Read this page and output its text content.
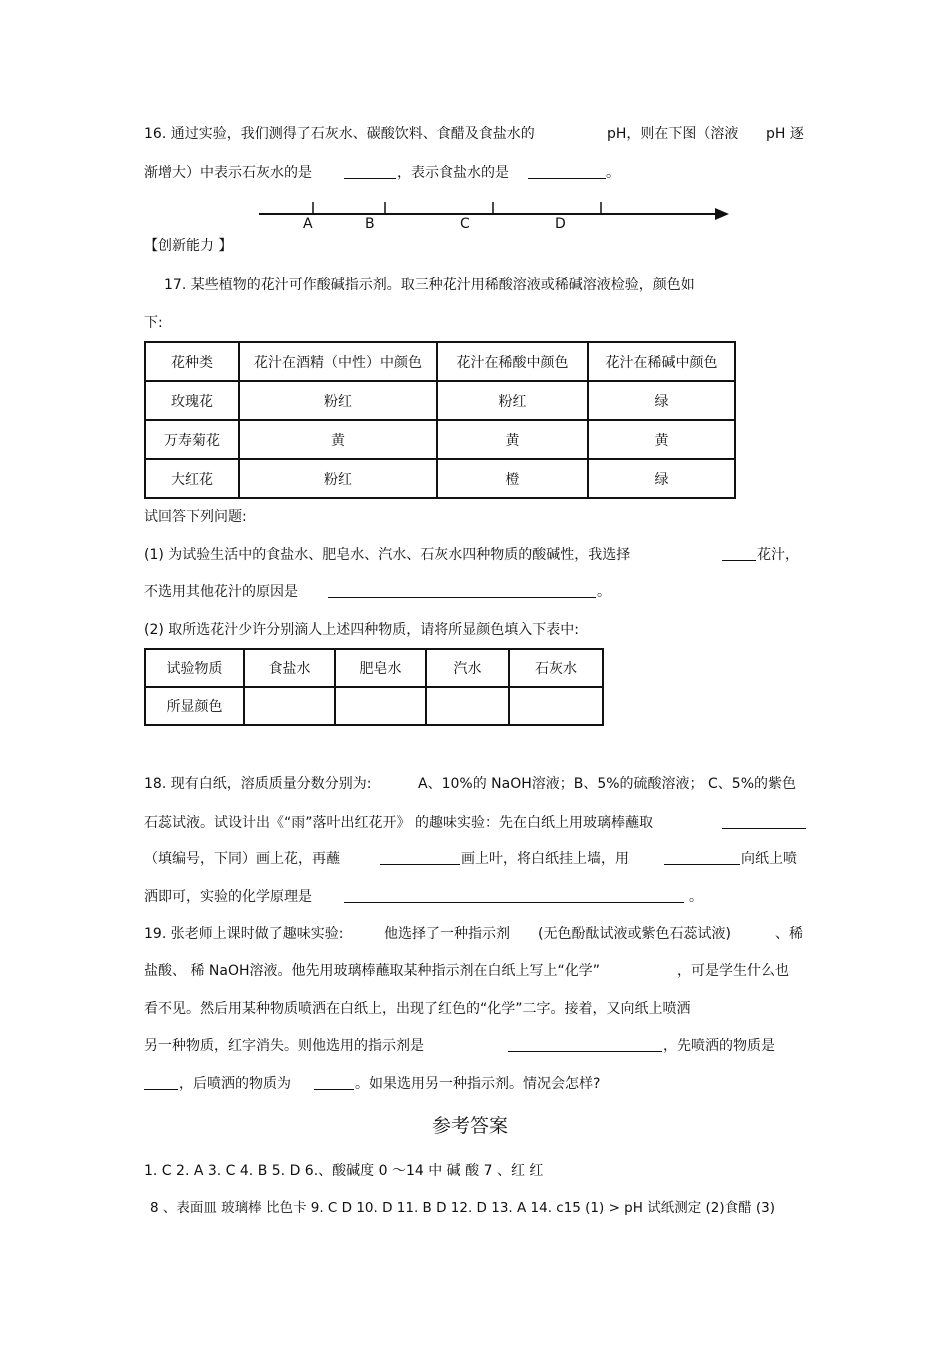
16. 通过实验，我们测得了石灰水、碳酸饮料、食醋及食盐水的	pH，则在下图（溶液 pH 逐
渐增大）中表示石灰水的是	，表示食盐水的是	。
A	B	C	D
【创新能力 】
17. 某些植物的花汁可作酸碱指示剂。取三种花汁用稀酸溶液或稀碱溶液检验，颜色如
下:
花种类	花汁在酒精（中性）中颜色	花汁在稀酸中颜色	花汁在稀碱中颜色
玫瑰花	粉红	粉红	绿
万寿菊花	黄	黄	黄
大红花	粉红	橙	绿
试回答下列问题:
(1) 为试验生活中的食盐水、肥皂水、汽水、石灰水四种物质的酸碱性，我选择	花汁，
不选用其他花汁的原因是	。
(2) 取所选花汁少许分别滴人上述四种物质，请将所显颜色填入下表中:
试验物质	食盐水	肥皂水	汽水	石灰水
所显颜色				
18. 现有白纸，溶质质量分数分别为:	A、10%的 NaOH溶液；B、5%的硫酸溶液； C、5%的紫色
石蕊试液。试设计出《“雨”落叶出红花开》 的趣味实验：先在白纸上用玻璃棒蘸取
（填编号，下同）画上花，再蘸	画上叶，将白纸挂上墙，用	向纸上喷
洒即可，实验的化学原理是	。
19. 张老师上课时做了趣味实验:	他选择了一种指示剂 (无色酚酞试液或紫色石蕊试液)	、稀
盐酸、 稀 NaOH溶液。他先用玻璃棒蘸取某种指示剂在白纸上写上“化学”	，可是学生什么也
看不见。然后用某种物质喷洒在白纸上，出现了红色的“化学”二字。接着，又向纸上喷洒
另一种物质，红字消失。则他选用的指示剂是	，先喷洒的物质是
，后喷洒的物质为	。如果选用另一种指示剂。情况会怎样?
参考答案
1. C 2. A 3. C 4. B 5. D 6.、酸碱度 0 ～14 中 碱 酸 7 、红 红
8 、表面皿 玻璃棒 比色卡 9. C D 10. D 11. B D 12. D 13. A 14. c15 (1) > pH 试纸测定 (2)食醋 (3)
